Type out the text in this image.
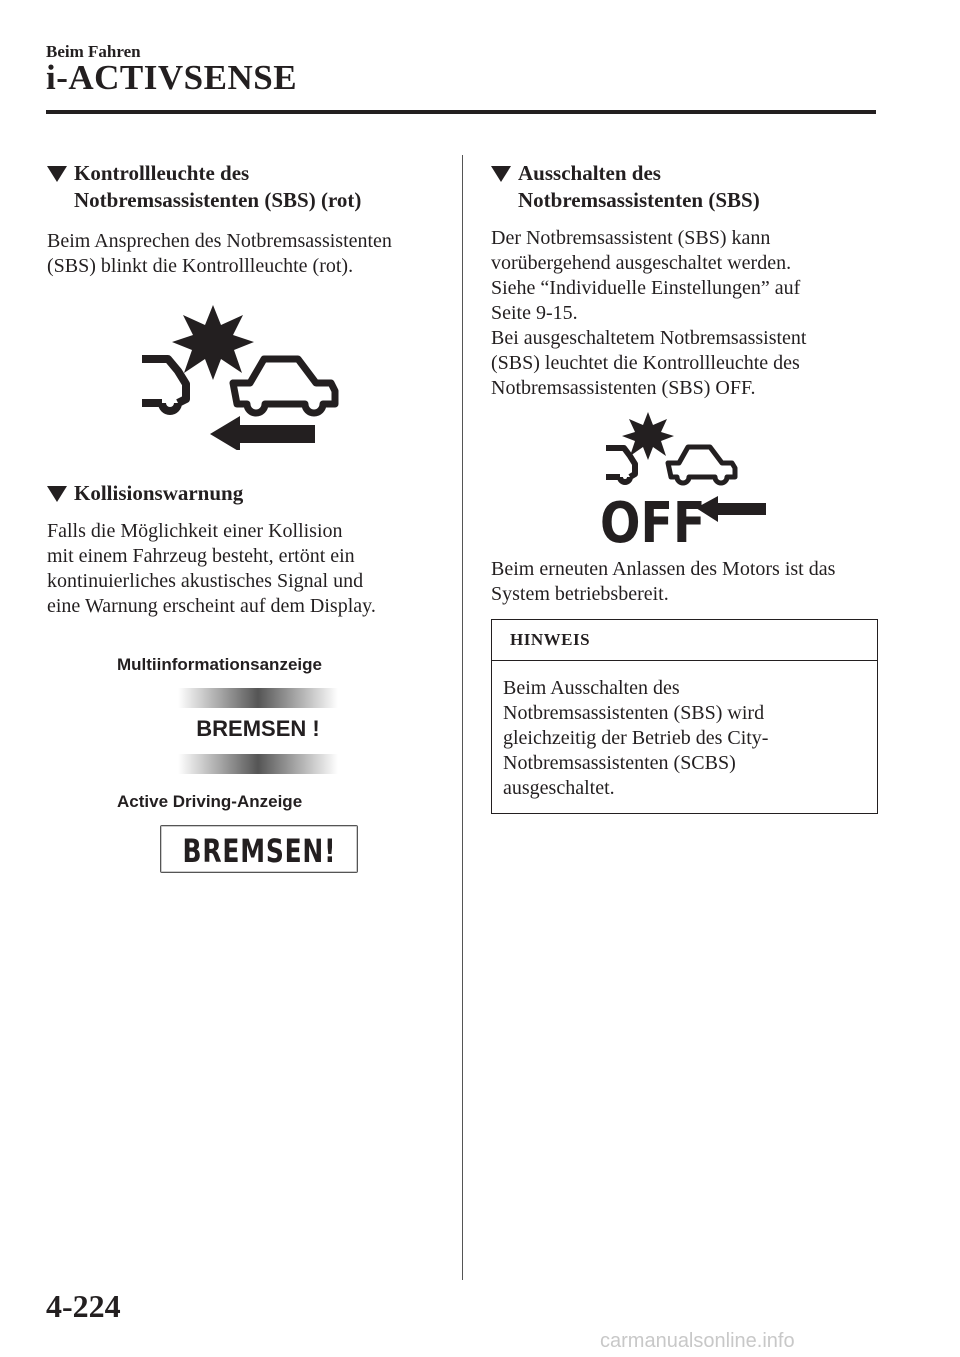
Beim Fahren
i-ACTIVSENSE
Kontrollleuchte des
Notbremsassistenten (SBS) (rot)
Beim Ansprechen des Notbremsassistenten
(SBS) blinkt die Kontrollleuchte (rot).
Kollisionswarnung
Falls die Möglichkeit einer Kollision
mit einem Fahrzeug besteht, ertönt ein
kontinuierliches akustisches Signal und
eine Warnung erscheint auf dem Display.
Multiinformationsanzeige
BREMSEN !
Active Driving-Anzeige
BREMSEN!
Ausschalten des
Notbremsassistenten (SBS)
Der Notbremsassistent (SBS) kann
vorübergehend ausgeschaltet werden.
Siehe “Individuelle Einstellungen” auf
Seite 9-15.
Bei ausgeschaltetem Notbremsassistent
(SBS) leuchtet die Kontrollleuchte des
Notbremsassistenten (SBS) OFF.
OFF
Beim erneuten Anlassen des Motors ist das
System betriebsbereit.
HINWEIS
Beim Ausschalten des
Notbremsassistenten (SBS) wird
gleichzeitig der Betrieb des City-
Notbremsassistenten (SCBS)
ausgeschaltet.
4-224
carmanualsonline.info
